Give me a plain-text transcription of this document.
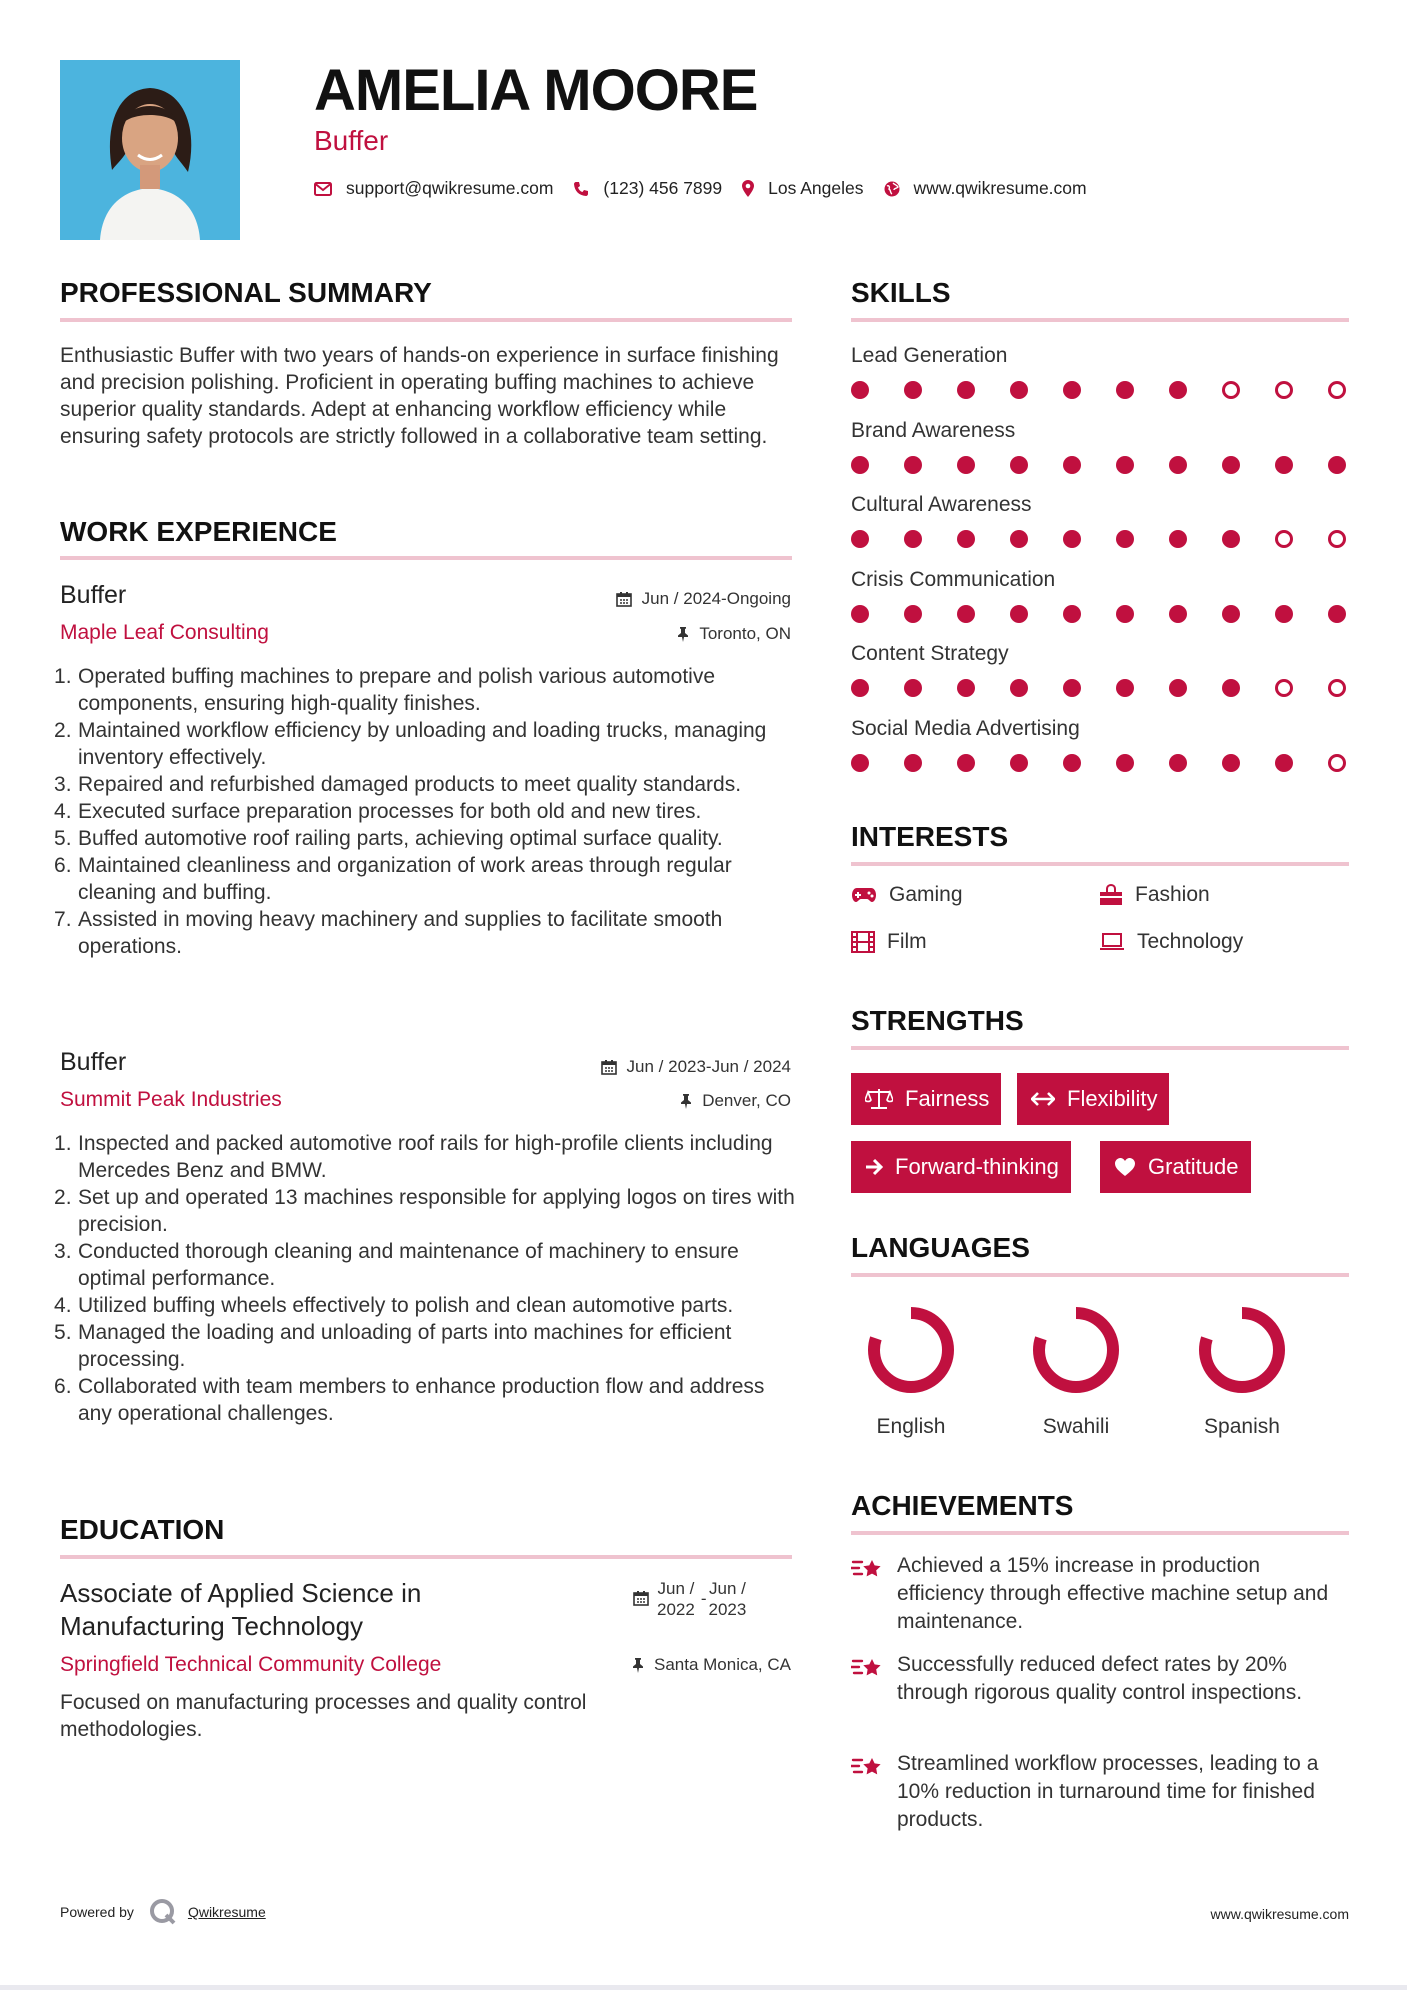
AMELIA MOORE
Buffer
support@qwikresume.com	(123) 456 7899	Los Angeles	www.qwikresume.com
PROFESSIONAL SUMMARY
Enthusiastic Buffer with two years of hands-on experience in surface finishing and precision polishing. Proficient in operating buffing machines to achieve superior quality standards. Adept at enhancing workflow efficiency while ensuring safety protocols are strictly followed in a collaborative team setting.
WORK EXPERIENCE
Buffer
Maple Leaf Consulting
Jun / 2024-Ongoing
Toronto, ON
Operated buffing machines to prepare and polish various automotive components, ensuring high-quality finishes.
Maintained workflow efficiency by unloading and loading trucks, managing inventory effectively.
Repaired and refurbished damaged products to meet quality standards.
Executed surface preparation processes for both old and new tires.
Buffed automotive roof railing parts, achieving optimal surface quality.
Maintained cleanliness and organization of work areas through regular cleaning and buffing.
Assisted in moving heavy machinery and supplies to facilitate smooth operations.
Buffer
Summit Peak Industries
Jun / 2023-Jun / 2024
Denver, CO
Inspected and packed automotive roof rails for high-profile clients including Mercedes Benz and BMW.
Set up and operated 13 machines responsible for applying logos on tires with precision.
Conducted thorough cleaning and maintenance of machinery to ensure optimal performance.
Utilized buffing wheels effectively to polish and clean automotive parts.
Managed the loading and unloading of parts into machines for efficient processing.
Collaborated with team members to enhance production flow and address any operational challenges.
EDUCATION
Associate of Applied Science in Manufacturing Technology
Jun /
2022
-
Jun /
2023
Springfield Technical Community College	Santa Monica, CA
Focused on manufacturing processes and quality control methodologies.
SKILLS
Lead Generation
Brand Awareness
Cultural Awareness
Crisis Communication
Content Strategy
Social Media Advertising
INTERESTS
Gaming	Fashion
Film	Technology
STRENGTHS
Fairness	Flexibility
Forward-thinking	Gratitude
LANGUAGES
English	Swahili	Spanish
ACHIEVEMENTS
Achieved a 15% increase in production efficiency through effective machine setup and maintenance.
Successfully reduced defect rates by 20% through rigorous quality control inspections.
Streamlined workflow processes, leading to a 10% reduction in turnaround time for finished products.
Powered by	Qwikresume	www.qwikresume.com
